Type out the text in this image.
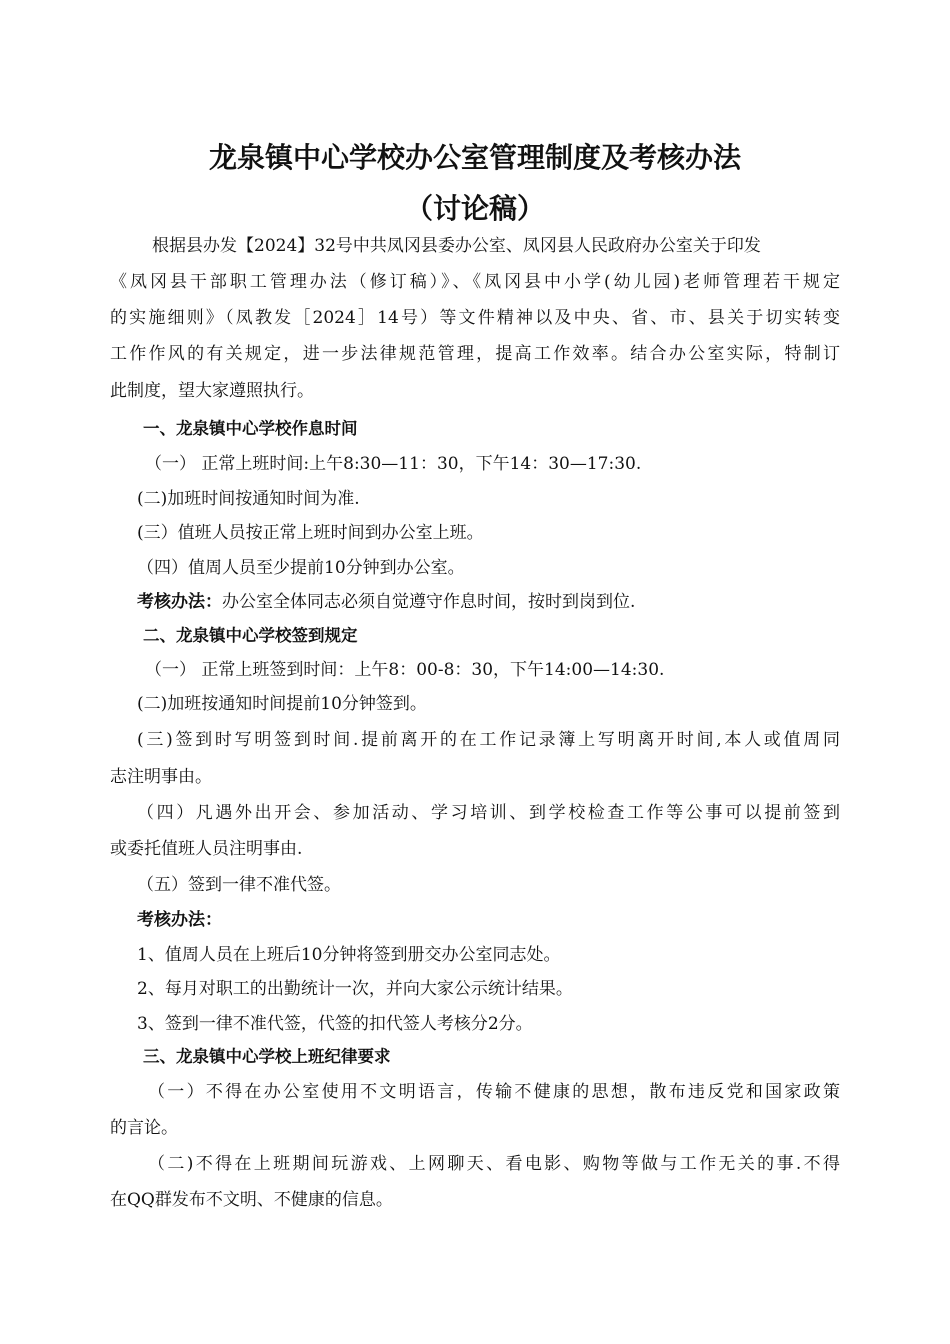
龙泉镇中心学校办公室管理制度及考核办法
（讨论稿）
根据县办发【2024】32号中共凤冈县委办公室、凤冈县人民政府办公室关于印发
《凤冈县干部职工管理办法（修订稿）》、《凤冈县中小学(幼儿园)老师管理若干规定
的实施细则》（凤教发［2024］14号）等文件精神以及中央、省、市、县关于切实转变
工作作风的有关规定，进一步法律规范管理，提高工作效率。结合办公室实际，特制订
此制度，望大家遵照执行。
一、龙泉镇中心学校作息时间
（一） 正常上班时间:上午8:30—11：30，下午14：30—17:30.
(二)加班时间按通知时间为准.
(三）值班人员按正常上班时间到办公室上班。
（四）值周人员至少提前10分钟到办公室。
考核办法：办公室全体同志必须自觉遵守作息时间，按时到岗到位.
二、龙泉镇中心学校签到规定
（一） 正常上班签到时间：上午8：00-8：30，下午14:00—14:30.
(二)加班按通知时间提前10分钟签到。
(三)签到时写明签到时间.提前离开的在工作记录簿上写明离开时间,本人或值周同
志注明事由。
（四）凡遇外出开会、参加活动、学习培训、到学校检查工作等公事可以提前签到
或委托值班人员注明事由.
（五）签到一律不准代签。
考核办法：
1、值周人员在上班后10分钟将签到册交办公室同志处。
2、每月对职工的出勤统计一次，并向大家公示统计结果。
3、签到一律不准代签，代签的扣代签人考核分2分。
三、龙泉镇中心学校上班纪律要求
（一）不得在办公室使用不文明语言，传输不健康的思想，散布违反党和国家政策
的言论。
（二)不得在上班期间玩游戏、上网聊天、看电影、购物等做与工作无关的事.不得
在QQ群发布不文明、不健康的信息。
